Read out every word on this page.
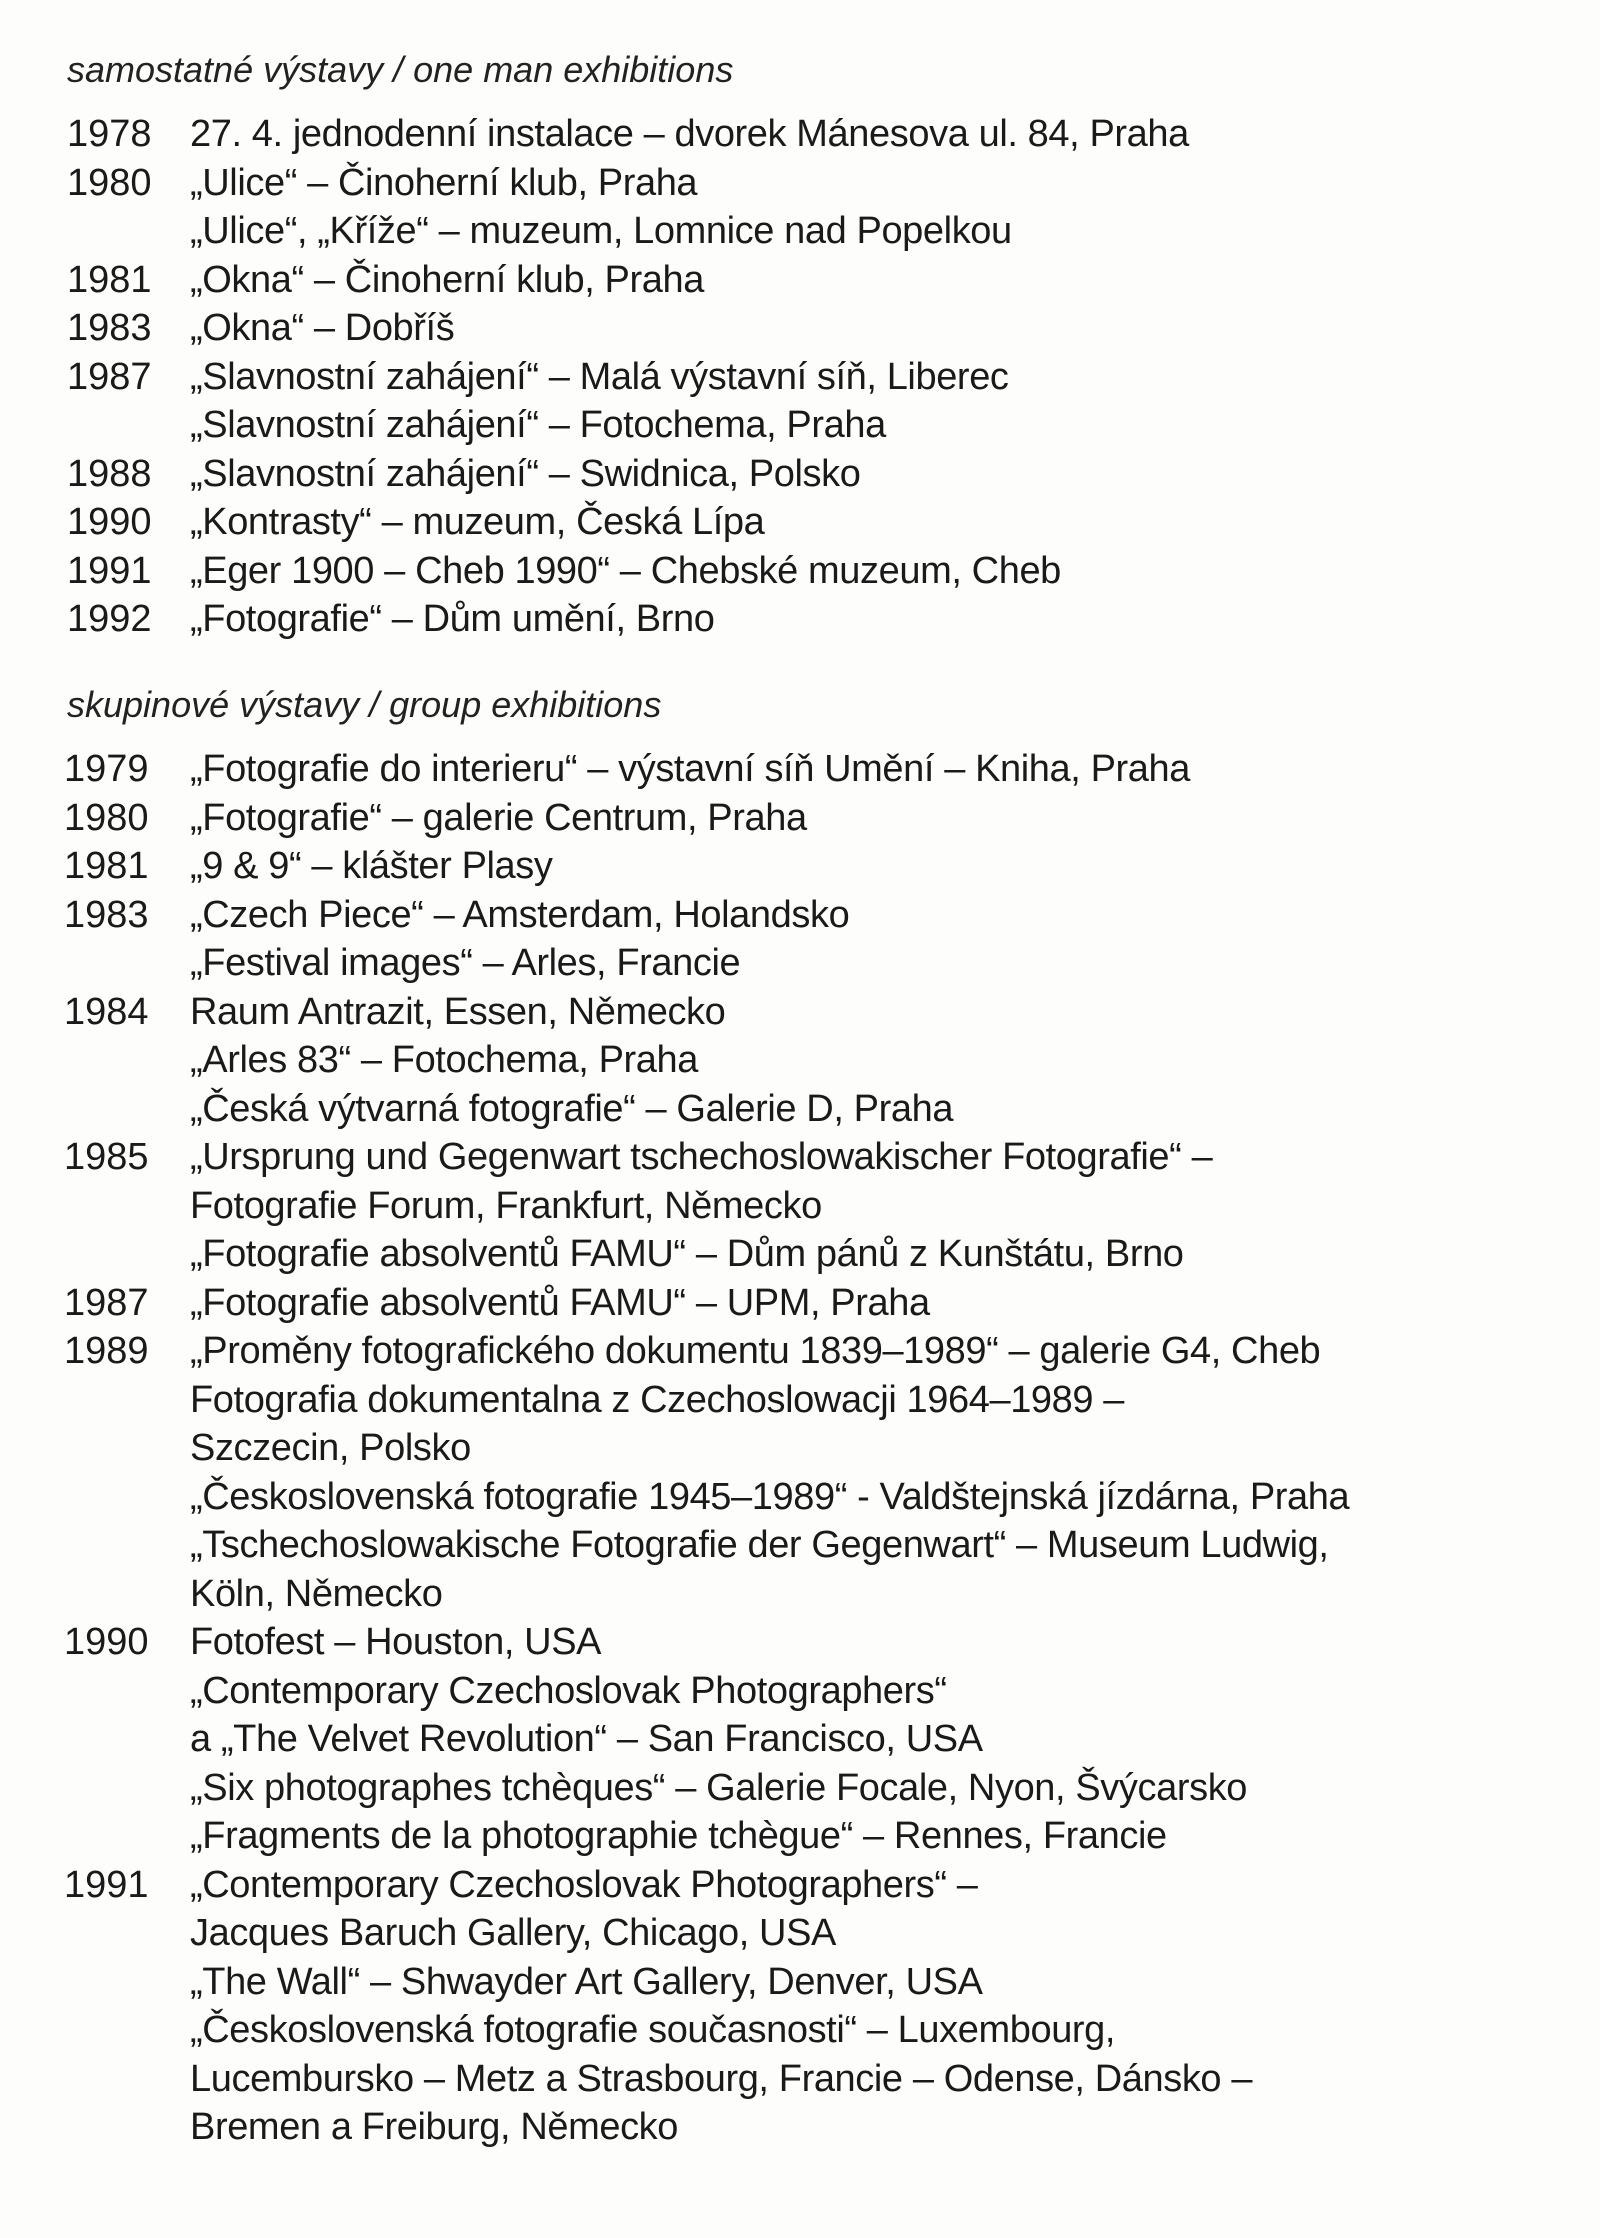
samostatné výstavy / one man exhibitions
1978	27. 4. jednodenní instalace – dvorek Mánesova ul. 84, Praha
1980	„Ulice“ – Činoherní klub, Praha
„Ulice“, „Kříže“ – muzeum, Lomnice nad Popelkou
1981	„Okna“ – Činoherní klub, Praha
1983	„Okna“ – Dobříš
1987	„Slavnostní zahájení“ – Malá výstavní síň, Liberec
„Slavnostní zahájení“ – Fotochema, Praha
1988	„Slavnostní zahájení“ – Swidnica, Polsko
1990	„Kontrasty“ – muzeum, Česká Lípa
1991	„Eger 1900 – Cheb 1990“ – Chebské muzeum, Cheb
1992	„Fotografie“ – Dům umění, Brno
skupinové výstavy / group exhibitions
1979	„Fotografie do interieru“ – výstavní síň Umění – Kniha, Praha
1980	„Fotografie“ – galerie Centrum, Praha
1981	„9 & 9“ – klášter Plasy
1983	„Czech Piece“ – Amsterdam, Holandsko
„Festival images“ – Arles, Francie
1984	Raum Antrazit, Essen, Německo
„Arles 83“ – Fotochema, Praha
„Česká výtvarná fotografie“ – Galerie D, Praha
1985	„Ursprung und Gegenwart tschechoslowakischer Fotografie“ –
Fotografie Forum, Frankfurt, Německo
„Fotografie absolventů FAMU“ – Dům pánů z Kunštátu, Brno
1987	„Fotografie absolventů FAMU“ – UPM, Praha
1989	„Proměny fotografického dokumentu 1839–1989“ – galerie G4, Cheb
Fotografia dokumentalna z Czechoslowacji 1964–1989 –
Szczecin, Polsko
„Československá fotografie 1945–1989“ - Valdštejnská jízdárna, Praha
„Tschechoslowakische Fotografie der Gegenwart“ – Museum Ludwig,
Köln, Německo
1990	Fotofest – Houston, USA
„Contemporary Czechoslovak Photographers“
a „The Velvet Revolution“ – San Francisco, USA
„Six photographes tchèques“ – Galerie Focale, Nyon, Švýcarsko
„Fragments de la photographie tchègue“ – Rennes, Francie
1991	„Contemporary Czechoslovak Photographers“ –
Jacques Baruch Gallery, Chicago, USA
„The Wall“ – Shwayder Art Gallery, Denver, USA
„Československá fotografie současnosti“ – Luxembourg,
Lucembursko – Metz a Strasbourg, Francie – Odense, Dánsko –
Bremen a Freiburg, Německo
